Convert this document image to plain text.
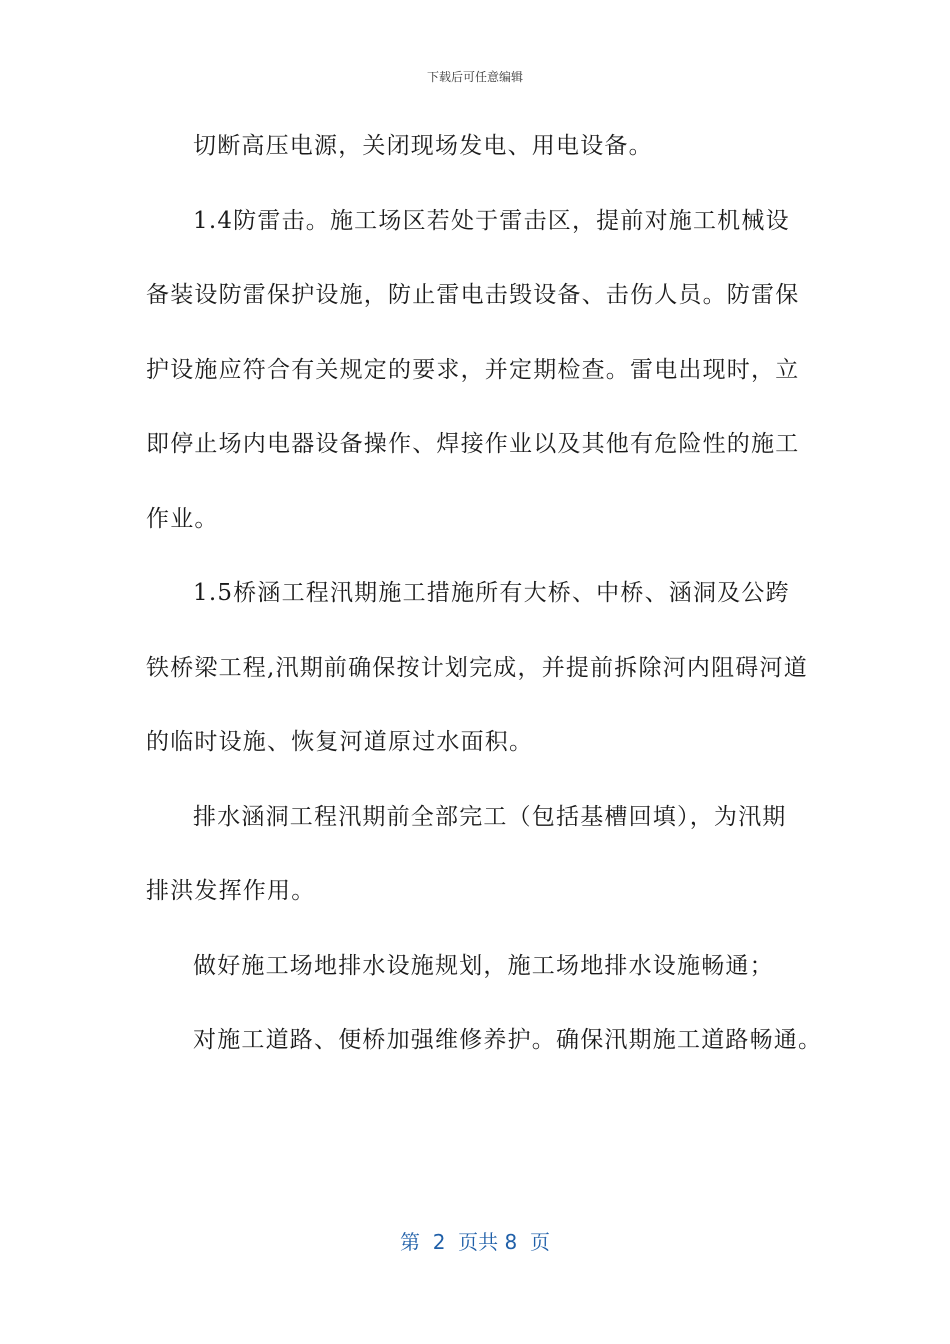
下载后可任意编辑
切断高压电源，关闭现场发电、用电设备。
1.4防雷击。施工场区若处于雷击区，提前对施工机械设
备装设防雷保护设施，防止雷电击毁设备、击伤人员。防雷保
护设施应符合有关规定的要求，并定期检查。雷电出现时，立
即停止场内电器设备操作、焊接作业以及其他有危险性的施工
作业。
1.5桥涵工程汛期施工措施所有大桥、中桥、涵洞及公跨
铁桥梁工程,汛期前确保按计划完成，并提前拆除河内阻碍河道
的临时设施、恢复河道原过水面积。
排水涵洞工程汛期前全部完工（包括基槽回填），为汛期
排洪发挥作用。
做好施工场地排水设施规划，施工场地排水设施畅通；
对施工道路、便桥加强维修养护。确保汛期施工道路畅通。
第  2  页共 8  页
